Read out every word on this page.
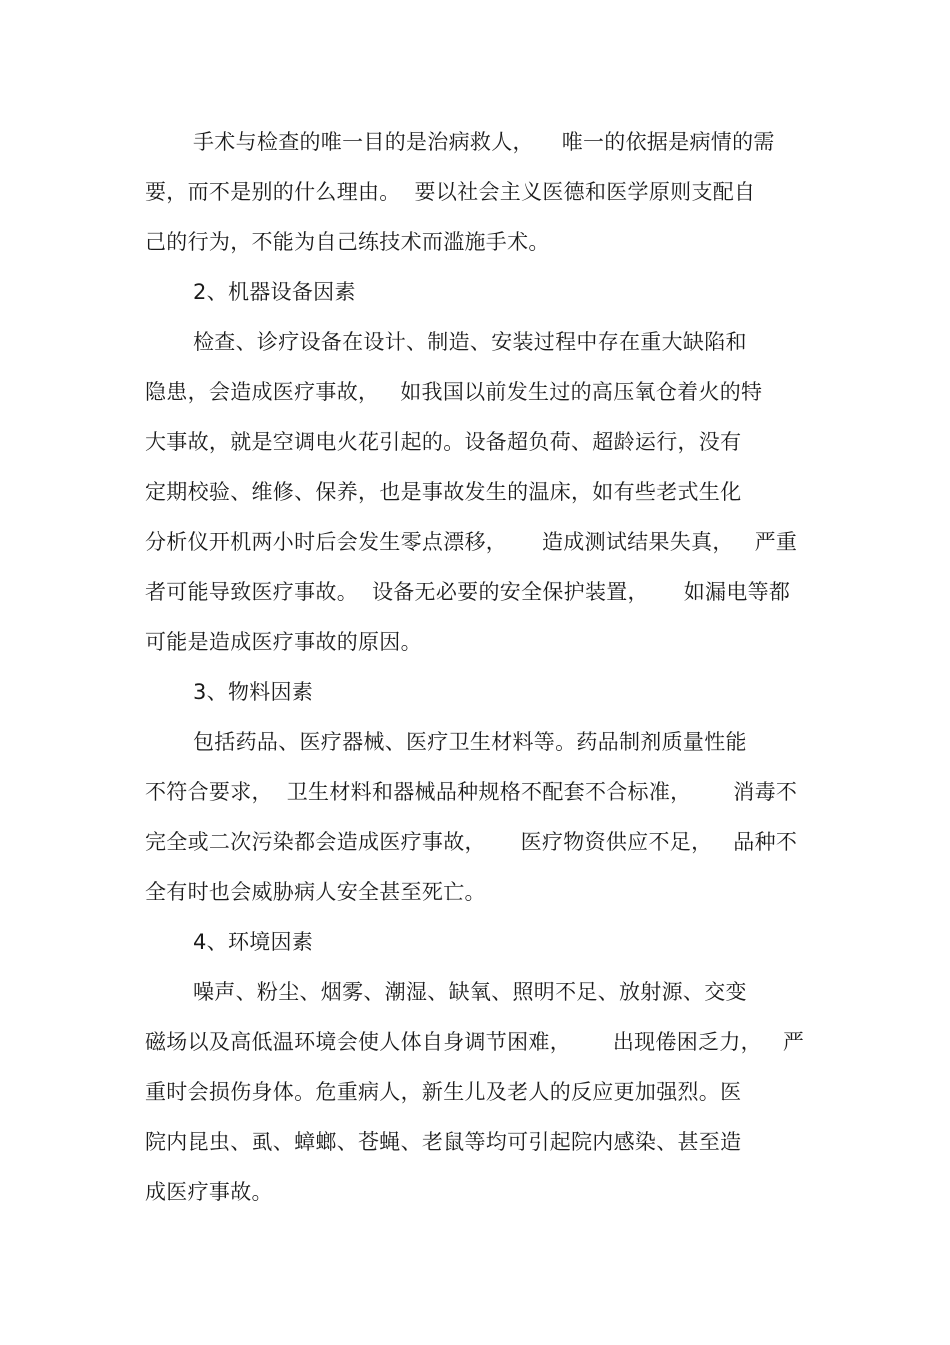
手术与检查的唯一目的是治病救人，    唯一的依据是病情的需
要，而不是别的什么理由。  要以社会主义医德和医学原则支配自
己的行为，不能为自己练技术而滥施手术。
2、机器设备因素
检查、诊疗设备在设计、制造、安装过程中存在重大缺陷和
隐患，会造成医疗事故，   如我国以前发生过的高压氧仓着火的特
大事故，就是空调电火花引起的。设备超负荷、超龄运行，没有
定期校验、维修、保养，也是事故发生的温床，如有些老式生化
分析仪开机两小时后会发生零点漂移，     造成测试结果失真，   严重
者可能导致医疗事故。  设备无必要的安全保护装置，     如漏电等都
可能是造成医疗事故的原因。
3、物料因素
包括药品、医疗器械、医疗卫生材料等。药品制剂质量性能
不符合要求，  卫生材料和器械品种规格不配套不合标准，      消毒不
完全或二次污染都会造成医疗事故，     医疗物资供应不足，   品种不
全有时也会威胁病人安全甚至死亡。
4、环境因素
噪声、粉尘、烟雾、潮湿、缺氧、照明不足、放射源、交变
磁场以及高低温环境会使人体自身调节困难，      出现倦困乏力，   严
重时会损伤身体。危重病人，新生儿及老人的反应更加强烈。医
院内昆虫、虱、蟑螂、苍蝇、老鼠等均可引起院内感染、甚至造
成医疗事故。
